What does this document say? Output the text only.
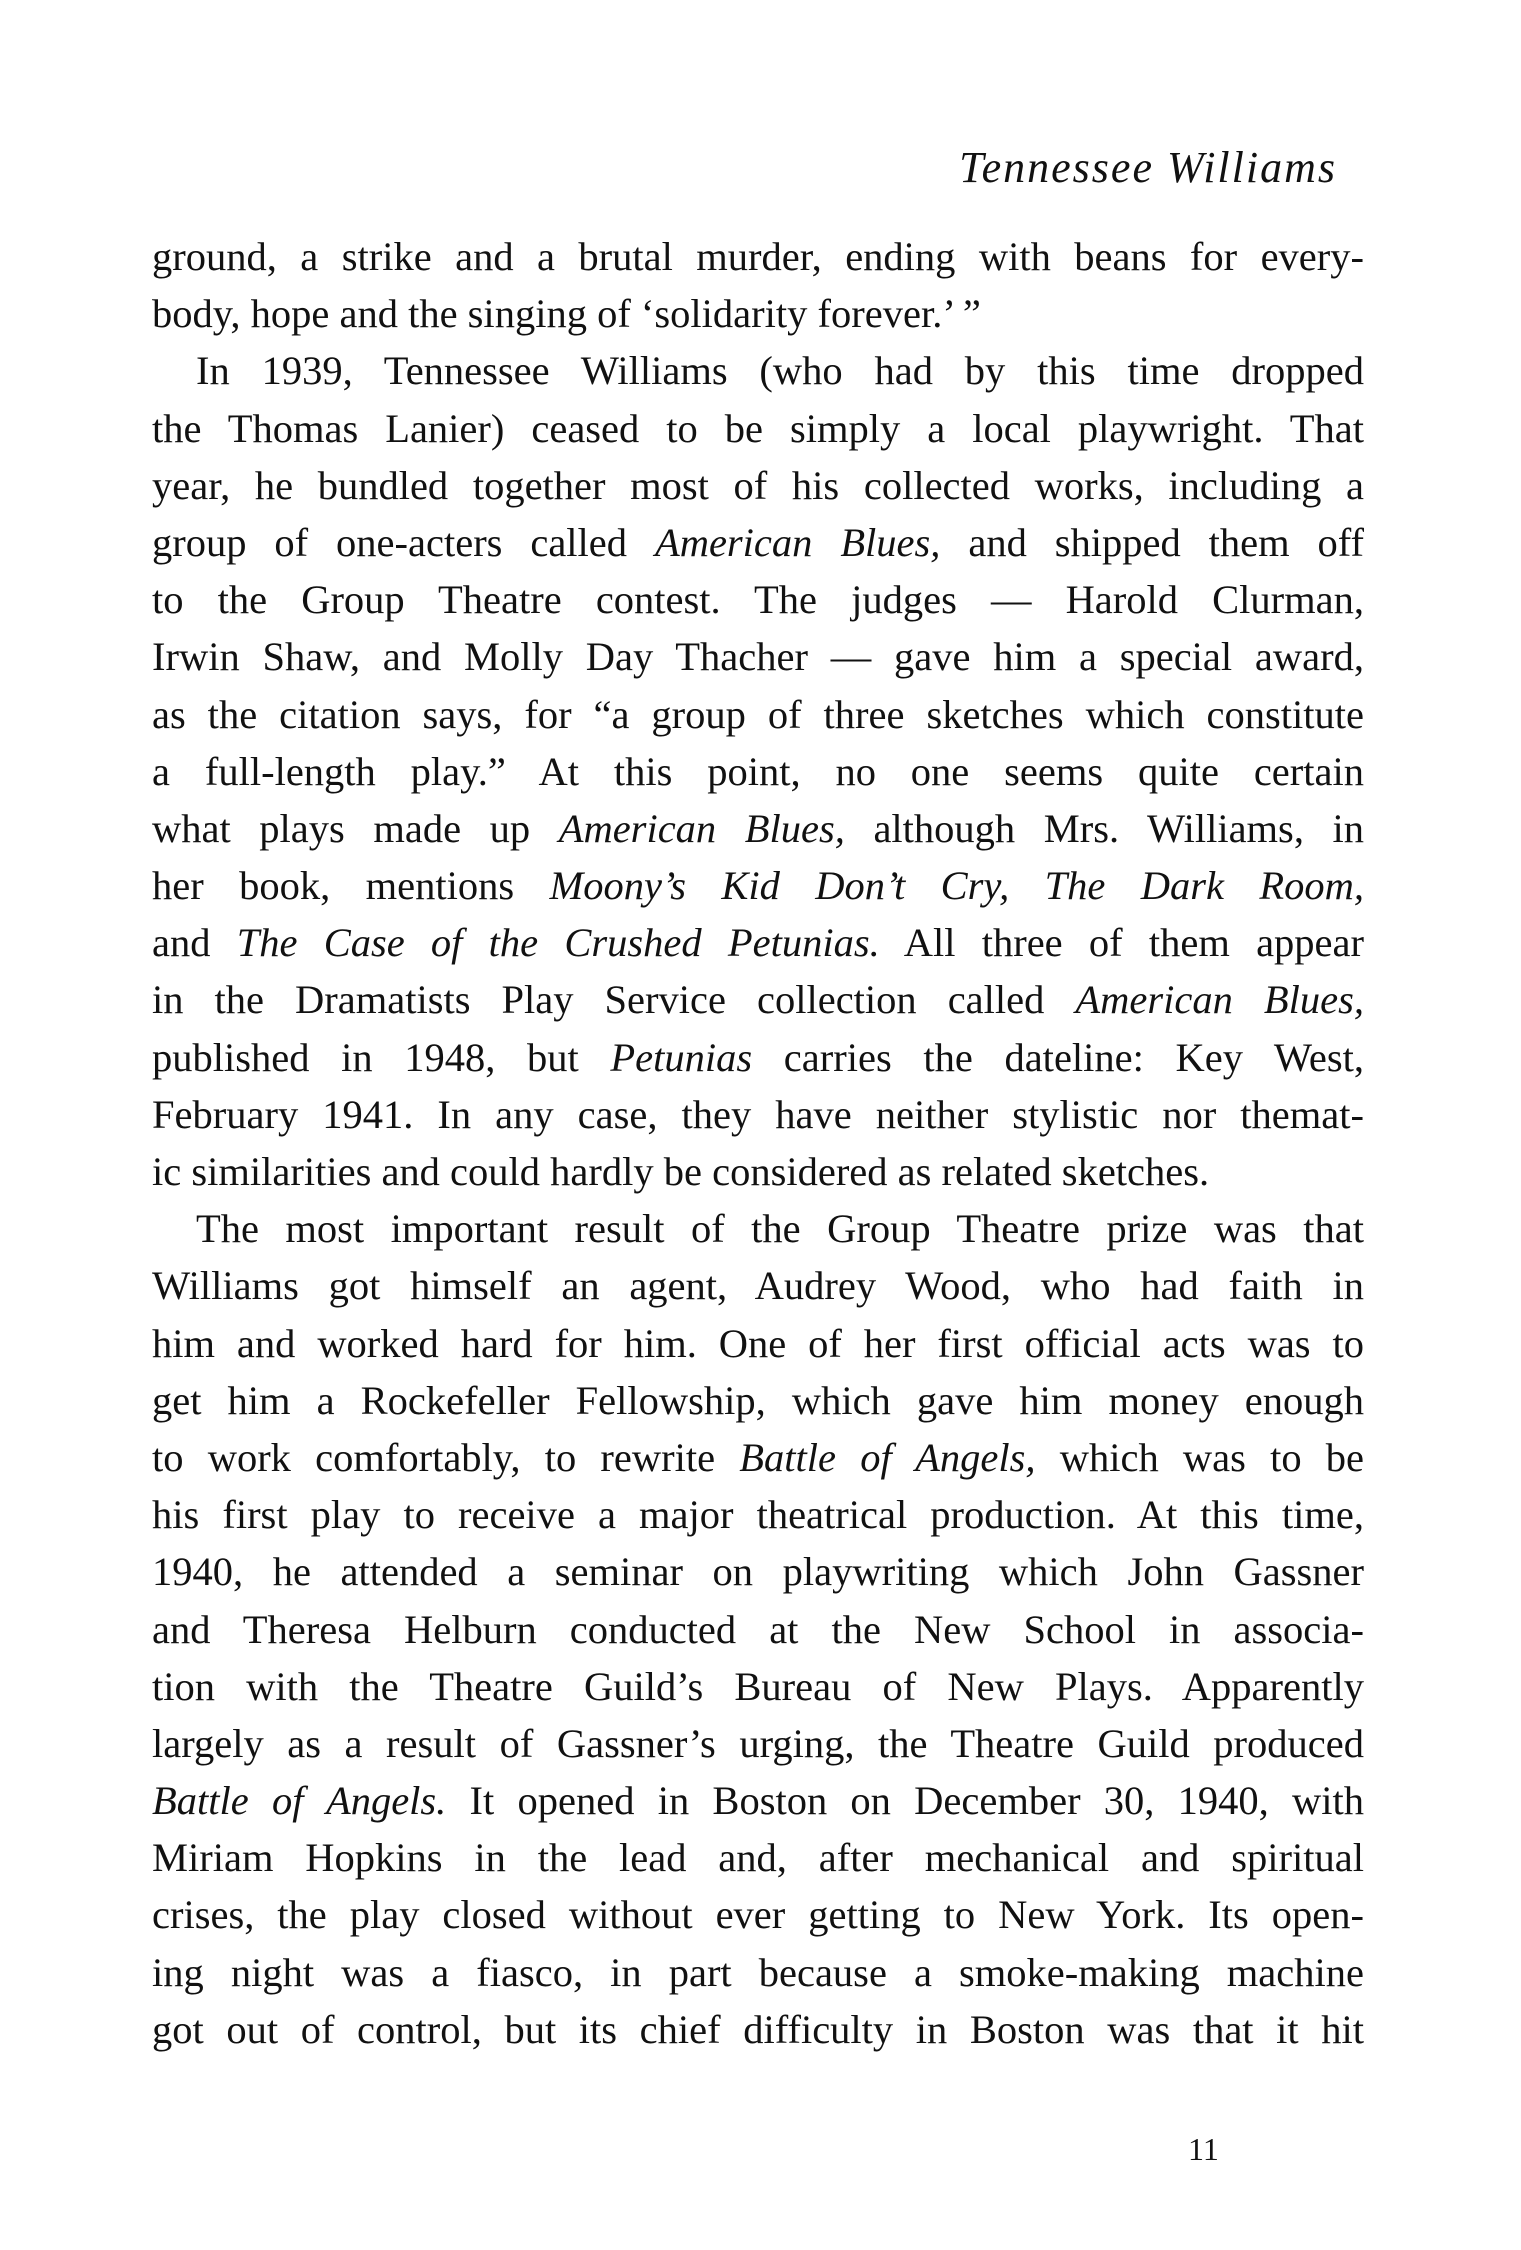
Tennessee Williams
ground, a strike and a brutal murder, ending with beans for every-
body, hope and the singing of ‘solidarity forever.’ ”
In 1939, Tennessee Williams (who had by this time dropped
the Thomas Lanier) ceased to be simply a local playwright. That
year, he bundled together most of his collected works, including a
group of one-acters called American Blues, and shipped them off
to the Group Theatre contest. The judges — Harold Clurman,
Irwin Shaw, and Molly Day Thacher — gave him a special award,
as the citation says, for “a group of three sketches which constitute
a full-length play.” At this point, no one seems quite certain
what plays made up American Blues, although Mrs. Williams, in
her book, mentions Moony’s Kid Don’t Cry, The Dark Room,
and The Case of the Crushed Petunias. All three of them appear
in the Dramatists Play Service collection called American Blues,
published in 1948, but Petunias carries the dateline: Key West,
February 1941. In any case, they have neither stylistic nor themat-
ic similarities and could hardly be considered as related sketches.
The most important result of the Group Theatre prize was that
Williams got himself an agent, Audrey Wood, who had faith in
him and worked hard for him. One of her first official acts was to
get him a Rockefeller Fellowship, which gave him money enough
to work comfortably, to rewrite Battle of Angels, which was to be
his first play to receive a major theatrical production. At this time,
1940, he attended a seminar on playwriting which John Gassner
and Theresa Helburn conducted at the New School in associa-
tion with the Theatre Guild’s Bureau of New Plays. Apparently
largely as a result of Gassner’s urging, the Theatre Guild produced
Battle of Angels. It opened in Boston on December 30, 1940, with
Miriam Hopkins in the lead and, after mechanical and spiritual
crises, the play closed without ever getting to New York. Its open-
ing night was a fiasco, in part because a smoke-making machine
got out of control, but its chief difficulty in Boston was that it hit
11
